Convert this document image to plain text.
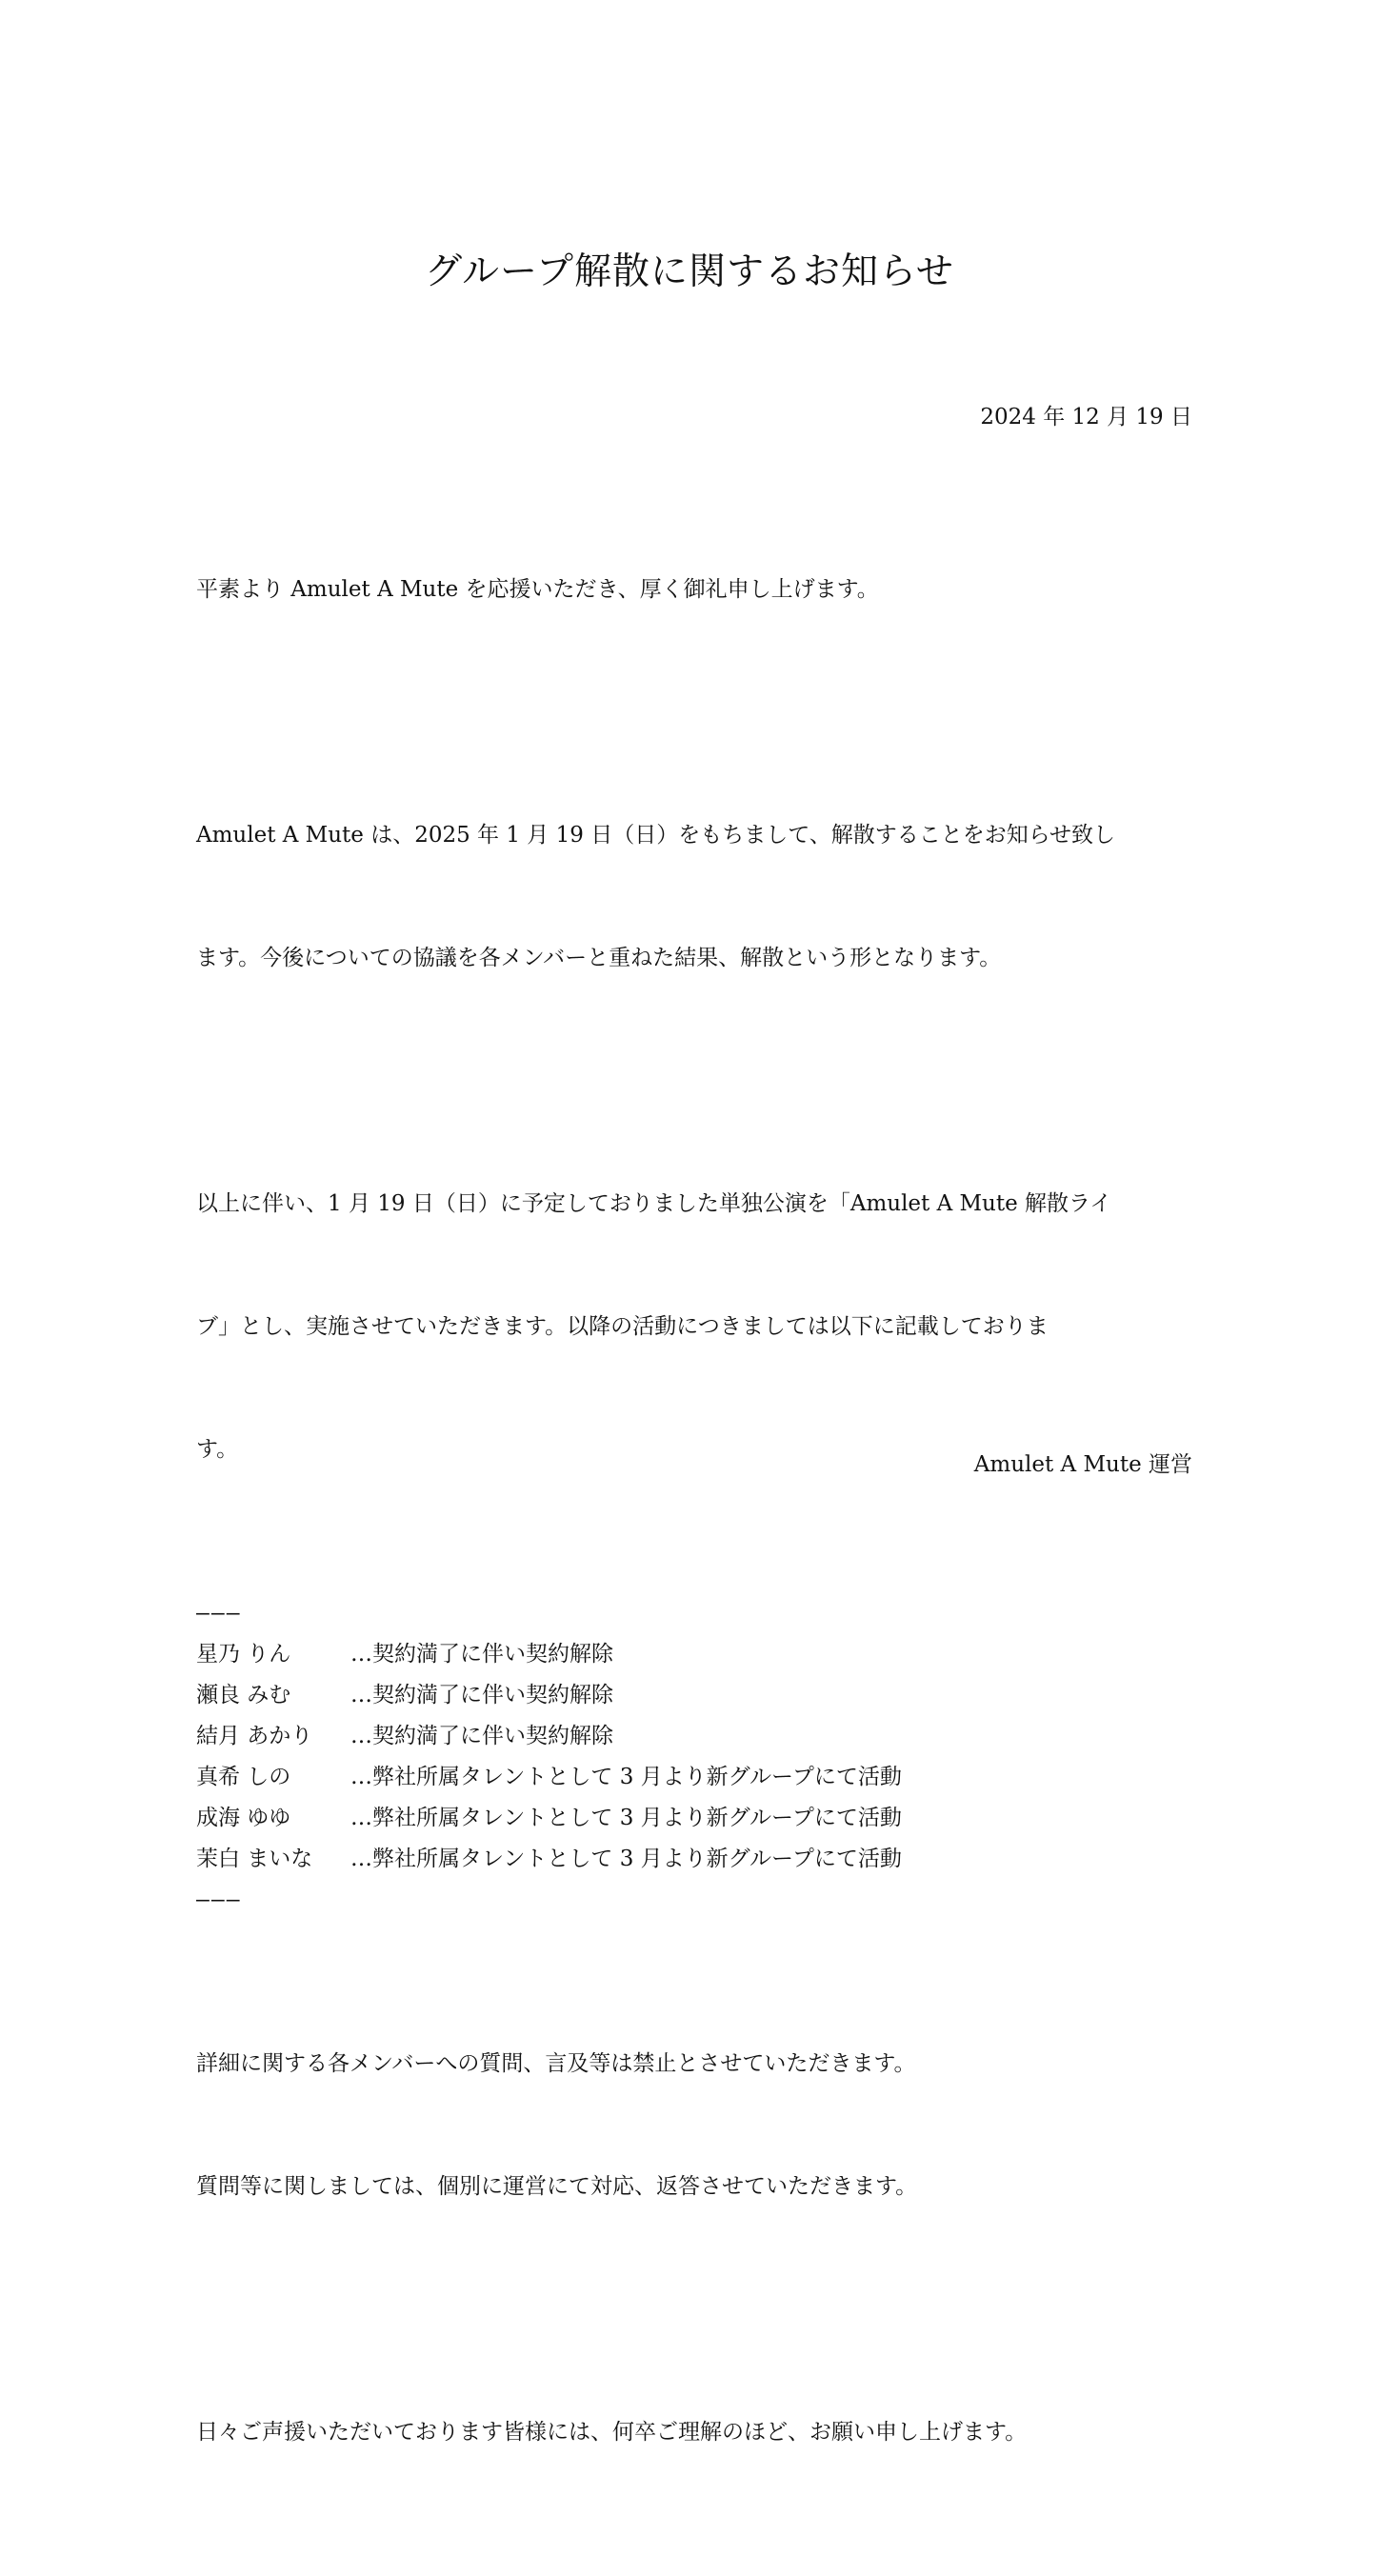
グループ解散に関するお知らせ
2024 年 12 月 19 日

平素より Amulet A Mute を応援いただき、厚く御礼申し上げます。

Amulet A Mute は、2025 年 1 月 19 日（日）をもちまして、解散することをお知らせ致し

ます。今後についての協議を各メンバーと重ねた結果、解散という形となります。

以上に伴い、1 月 19 日（日）に予定しておりました単独公演を「Amulet A Mute 解散ライ

ブ」とし、実施させていただきます。以降の活動につきましては以下に記載しておりま

す。

———
星乃 りん	…契約満了に伴い契約解除
瀬良 みむ	…契約満了に伴い契約解除
結月 あかり	…契約満了に伴い契約解除
真希 しの	…弊社所属タレントとして 3 月より新グループにて活動
成海 ゆゆ	…弊社所属タレントとして 3 月より新グループにて活動
茉白 まいな	…弊社所属タレントとして 3 月より新グループにて活動
———

詳細に関する各メンバーへの質問、言及等は禁止とさせていただきます。

質問等に関しましては、個別に運営にて対応、返答させていただきます。

日々ご声援いただいております皆様には、何卒ご理解のほど、お願い申し上げます。

Amulet A Mute 運営
